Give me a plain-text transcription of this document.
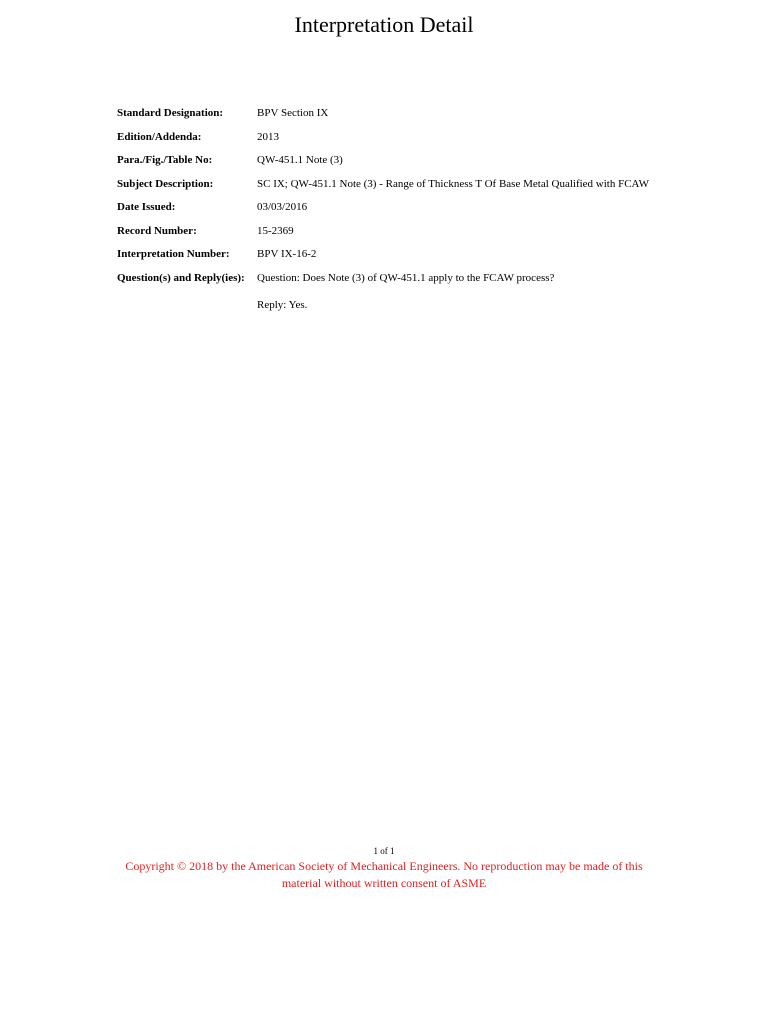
Interpretation Detail
Standard Designation:	BPV Section IX
Edition/Addenda:	2013
Para./Fig./Table No:	QW-451.1 Note (3)
Subject Description:	SC IX; QW-451.1 Note (3) - Range of Thickness T Of Base Metal Qualified with FCAW
Date Issued:	03/03/2016
Record Number:	15-2369
Interpretation Number:	BPV IX-16-2
Question(s) and Reply(ies):	Question: Does Note (3) of QW-451.1 apply to the FCAW process?
Reply: Yes.
1 of 1
Copyright © 2018 by the American Society of Mechanical Engineers. No reproduction may be made of this
material without written consent of ASME
